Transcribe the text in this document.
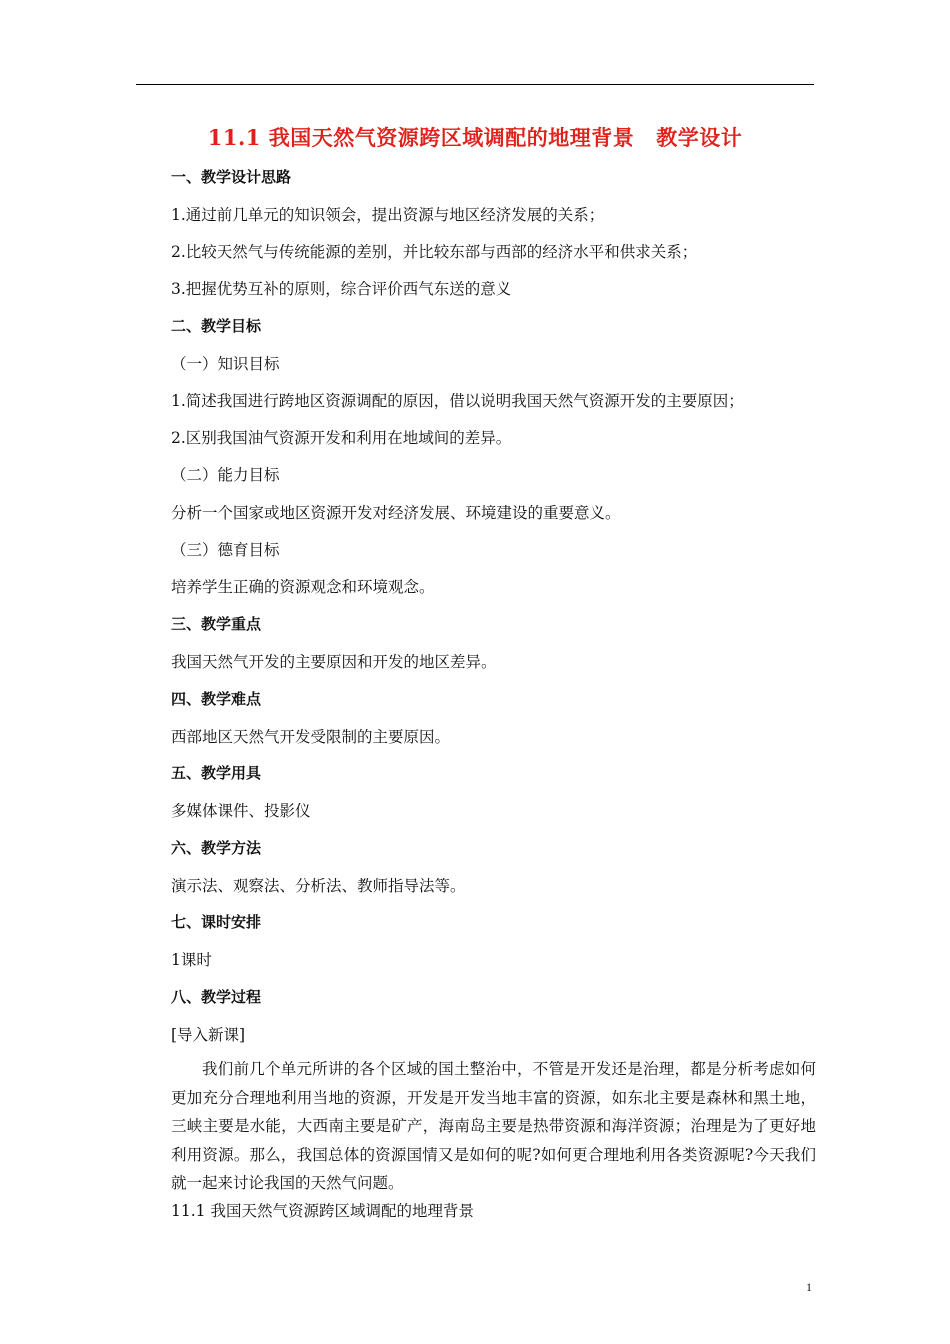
11.1 我国天然气资源跨区域调配的地理背景 教学设计
一、教学设计思路
1.通过前几单元的知识领会，提出资源与地区经济发展的关系；
2.比较天然气与传统能源的差别，并比较东部与西部的经济水平和供求关系；
3.把握优势互补的原则，综合评价西气东送的意义
二、教学目标
（一）知识目标
1.简述我国进行跨地区资源调配的原因，借以说明我国天然气资源开发的主要原因；
2.区别我国油气资源开发和利用在地域间的差异。
（二）能力目标
分析一个国家或地区资源开发对经济发展、环境建设的重要意义。
（三）德育目标
培养学生正确的资源观念和环境观念。
三、教学重点
我国天然气开发的主要原因和开发的地区差异。
四、教学难点
西部地区天然气开发受限制的主要原因。
五、教学用具
多媒体课件、投影仪
六、教学方法
演示法、观察法、分析法、教师指导法等。
七、课时安排
1课时
八、教学过程
[导入新课]
我们前几个单元所讲的各个区域的国土整治中，不管是开发还是治理，都是分析考虑如何更加充分合理地利用当地的资源，开发是开发当地丰富的资源，如东北主要是森林和黑土地，三峡主要是水能，大西南主要是矿产，海南岛主要是热带资源和海洋资源；治理是为了更好地利用资源。那么，我国总体的资源国情又是如何的呢?如何更合理地利用各类资源呢?今天我们就一起来讨论我国的天然气问题。
11.1 我国天然气资源跨区域调配的地理背景
1
